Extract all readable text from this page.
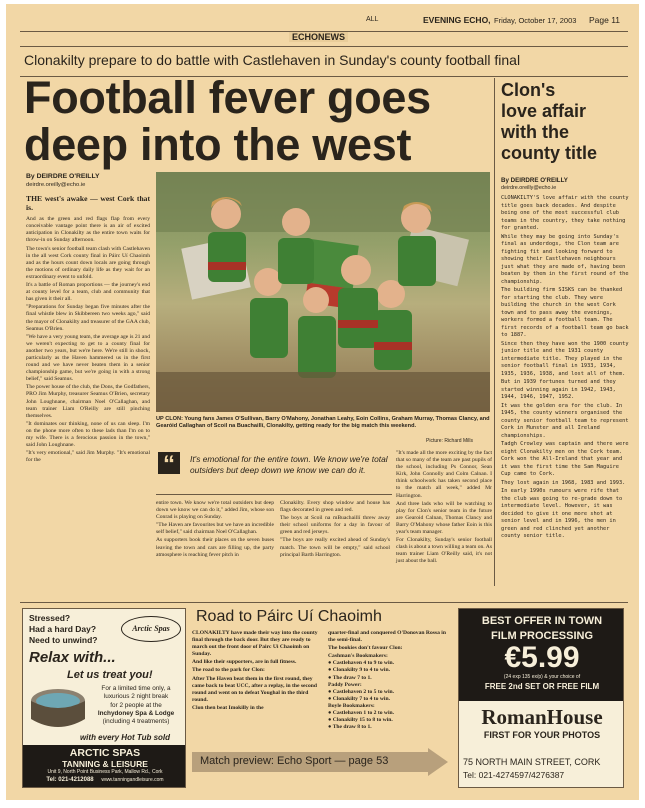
ALL	EVENING ECHO, Friday, October 17, 2003 Page 11
ECHONEWS
Clonakilty prepare to do battle with Castlehaven in Sunday's county football final
Football fever goes
deep into the west
By DEIRDRE O'REILLY
deirdre.oreilly@echo.ie

THE west's awake — west Cork that is.

And as the green and red flags flap from every conceivable vantage point there is an air of excited anticipation in Clonakilty as the entire town waits for throw-in on Sunday afternoon.

The town's senior football team clash with Castlehaven in the all west Cork county final in Páirc Uí Chaoimh and as the hours count down locals are going through the motions of ordinary daily life as they wait for an extraordinary event to unfold.

It's a battle of Roman proportions — the journey's end at county level for a team, club and community that has given it their all.

"Preparations for Sunday began five minutes after the final whistle blew in Skibbereen two weeks ago," said the mayor of Clonakilty and treasurer of the GAA club, Seamus O'Brien.

"We have a very young team, the average age is 21 and we weren't expecting to get to a county final for another two years, but we're here. We're still in shock, particularly as the Haven hammered us in the first round and we have never beaten them in a senior championship game, but we're going in with a strong belief," said Seamus.

The power house of the club, the Dons, the Godfathers, PRO Jim Murphy, treasurer Seamus O'Brien, secretary John Loughnane, chairman Noel O'Callaghan, and team trainer Liam O'Reilly are still pinching themselves.

"It dominates our thinking, none of us can sleep. I'm on the phone more often to these lads than I'm on to my wife. There is a ferocious passion in the town," said John Loughnane.

"It's very emotional," said Jim Murphy. "It's emotional for the

UP CLON: Young fans James O'Sullivan, Barry O'Mahony, Jonathan Leahy, Eoin Collins, Graham Murray, Thomas Clancy, and Gearóid Callaghan of Scoil na Buachaillí, Clonakilty, getting ready for the big match this weekend.
Picture: Richard Mills
“	It's emotional for the entire town. We know we're total outsiders but deep down we know we can do it.

entire town. We know we're total outsiders but deep down we know we can do it," added Jim, whose son Conrad is playing on Sunday.

"The Haven are favourites but we have an incredible self belief," said chairman Noel O'Callaghan.

As supporters book their places on the seven buses leaving the town and cars are filling up, the party atmosphere is reaching fever pitch in

Clonakilty. Every shop window and house has flags decorated in green and red.

The boys at Scoil na mBuachaillí threw away their school uniforms for a day in favour of green and red jerseys.

"The boys are really excited ahead of Sunday's match. The town will be empty," said school principal Barth Harrington.

"It's made all the more exciting by the fact that so many of the team are past pupils of the school, including Ps Connor, Sean Kirk, John Connolly and Colm Calnan. I think schoolwork has taken second place to the match all week," added Mr Harrington.

And three lads who will be watching to play for Clon's senior team in the future are Gearoid Calnan, Thomas Clancy and Barry O'Mahony whose father Eoin is this year's team manager.

For Clonakilty, Sunday's senior football clash is about a town willing a team on. As team trainer Liam O'Reilly said, it's not just about the ball.

Clon's
love affair
with the
county title
By DEIRDRE O'REILLY
deirdre.oreilly@echo.ie

CLONAKILTY'S love affair with the county title goes back decades. And despite being one of the most successful club teams in the country, they take nothing for granted.

While they may be going into Sunday's final as underdogs, the Clon team are fighting fit and looking forward to showing their Castlehaven neighbours just what they are made of, having been beaten by them in the first round of the championship.

The building firm SISKS can be thanked for starting the club. They were building the church in the west Cork town and to pass away the evenings, workers formed a football team. The first records of a football team go back to 1887.

Since then they have won the 1900 county junior title and the 1931 county intermediate title. They played in the senior football final in 1933, 1934, 1935, 1936, 1938, and lost all of them.

But in 1939 fortunes turned and they started winning again in 1942, 1943, 1944, 1946, 1947, 1952.

It was the golden era for the club. In 1945, the county winners organised the county senior football team to represent Cork in Munster and all Ireland championships.

Tadgh Crowley was captain and there were eight Clonakilty men on the Cork team. Cork won the All-Ireland that year and it was the first time the Sam Maguire Cup came to Cork.

They lost again in 1968, 1983 and 1993.

In early 1990s rumours were rife that the club was going to re-grade down to intermediate level. However, it was decided to give it one more shot at senior level and in 1996, the men in green and red clinched yet another county senior title.

Stressed?
Had a hard Day?
Need to unwind?
Arctic Spas
Relax with...
Let us treat you!
For a limited time only, a
luxurious 2 night break
for 2 people at the
Inchydoney Spa & Lodge
(including 4 treatments)
with every Hot Tub sold
ARCTIC SPAS
TANNING & LEISURE
Unit 9, North Point Business Park, Mallow Rd., Cork
Tel: 021-4212088 www.tanningandleisure.com
Road to Páirc Uí Chaoimh

CLONAKILTY have made their way into the county final through the back door. But they are ready to march out the front door of Pairc Ui Chaoimh on Sunday.

And like their supporters, are in full fitness.

The road to the park for Clon:

After The Haven beat them in the first round, they came back to beat UCC, after a replay, in the second round and went on to defeat Youghal in the third round.

Clon then beat Imokilly in the

quarter-final and conquered O'Donovan Rossa in the semi-final.

The bookies don't favour Clon:

Cashman's Bookmakers:

● Castlehaven 4 to 9 to win.

● Clonakilty 9 to 4 to win.

● The draw 7 to 1.

Paddy Power:

● Castlehaven 2 to 5 to win.

● Clonakilty 7 to 4 to win.

Boyle Bookmakers:

● Castlehaven 1 to 2 to win.

● Clonakilty 15 to 8 to win.

● The draw 8 to 1.

Match preview: Echo Sport — page 53
BEST OFFER IN TOWN
FILM PROCESSING
€5.99
(24 exp 135 ex/p) & your choice of
FREE 2nd SET OR FREE FILM
RomanHouse
FIRST FOR YOUR PHOTOS
75 NORTH MAIN STREET, CORK
Tel: 021-4274597/4276387
